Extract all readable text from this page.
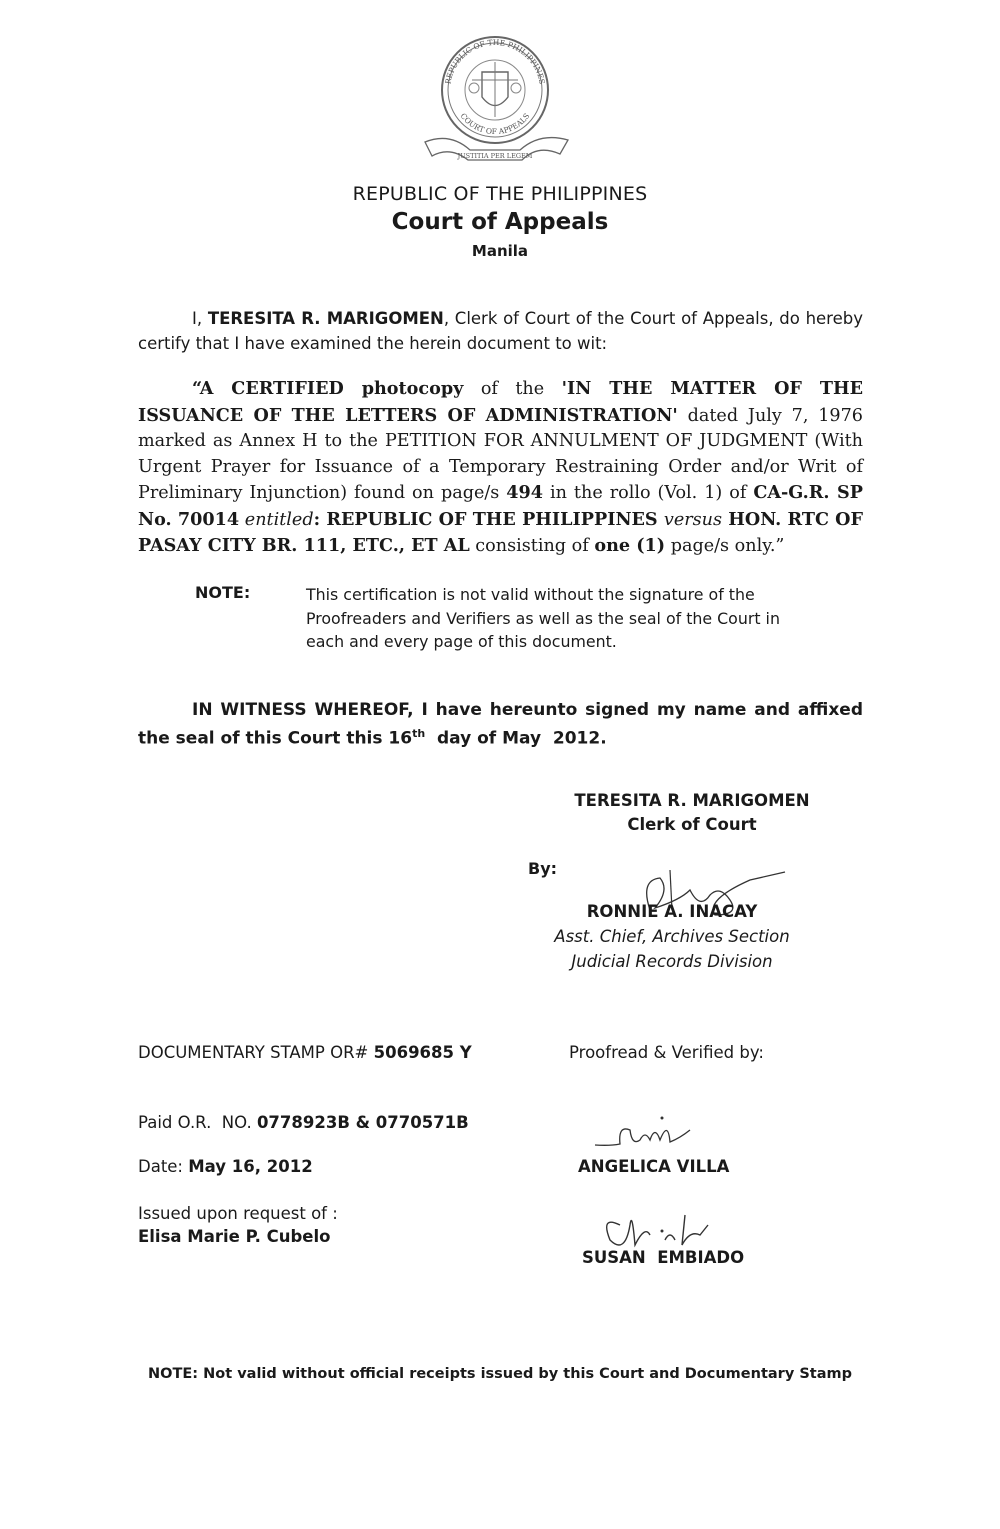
REPUBLIC OF THE PHILIPPINES
COURT OF APPEALS
JUSTITIA PER LEGEM
REPUBLIC OF THE PHILIPPINES
Court of Appeals
Manila
I, TERESITA R. MARIGOMEN, Clerk of Court of the Court of Appeals, do hereby certify that I have examined the herein document to wit:
“A CERTIFIED photocopy of the 'IN THE MATTER OF THE ISSUANCE OF THE LETTERS OF ADMINISTRATION' dated July 7, 1976 marked as Annex H to the PETITION FOR ANNULMENT OF JUDGMENT (With Urgent Prayer for Issuance of a Temporary Restraining Order and/or Writ of Preliminary Injunction) found on page/s 494 in the rollo (Vol. 1) of CA-G.R. SP No. 70014 entitled: REPUBLIC OF THE PHILIPPINES versus HON. RTC OF PASAY CITY BR. 111, ETC., ET AL consisting of one (1) page/s only.”
NOTE:	This certification is not valid without the signature of the Proofreaders and Verifiers as well as the seal of the Court in each and every page of this document.
IN WITNESS WHEREOF, I have hereunto signed my name and affixed the seal of this Court this 16th  day of May  2012.
TERESITA R. MARIGOMEN
Clerk of Court
By:
RONNIE A. INACAY
Asst. Chief, Archives Section
Judicial Records Division
DOCUMENTARY STAMP OR# 5069685 Y	Proofread & Verified by:
Paid O.R.  NO. 0778923B & 0770571B
Date: May 16, 2012
Issued upon request of :
Elisa Marie P. Cubelo
ANGELICA VILLA
SUSAN  EMBIADO
NOTE: Not valid without official receipts issued by this Court and Documentary Stamp
